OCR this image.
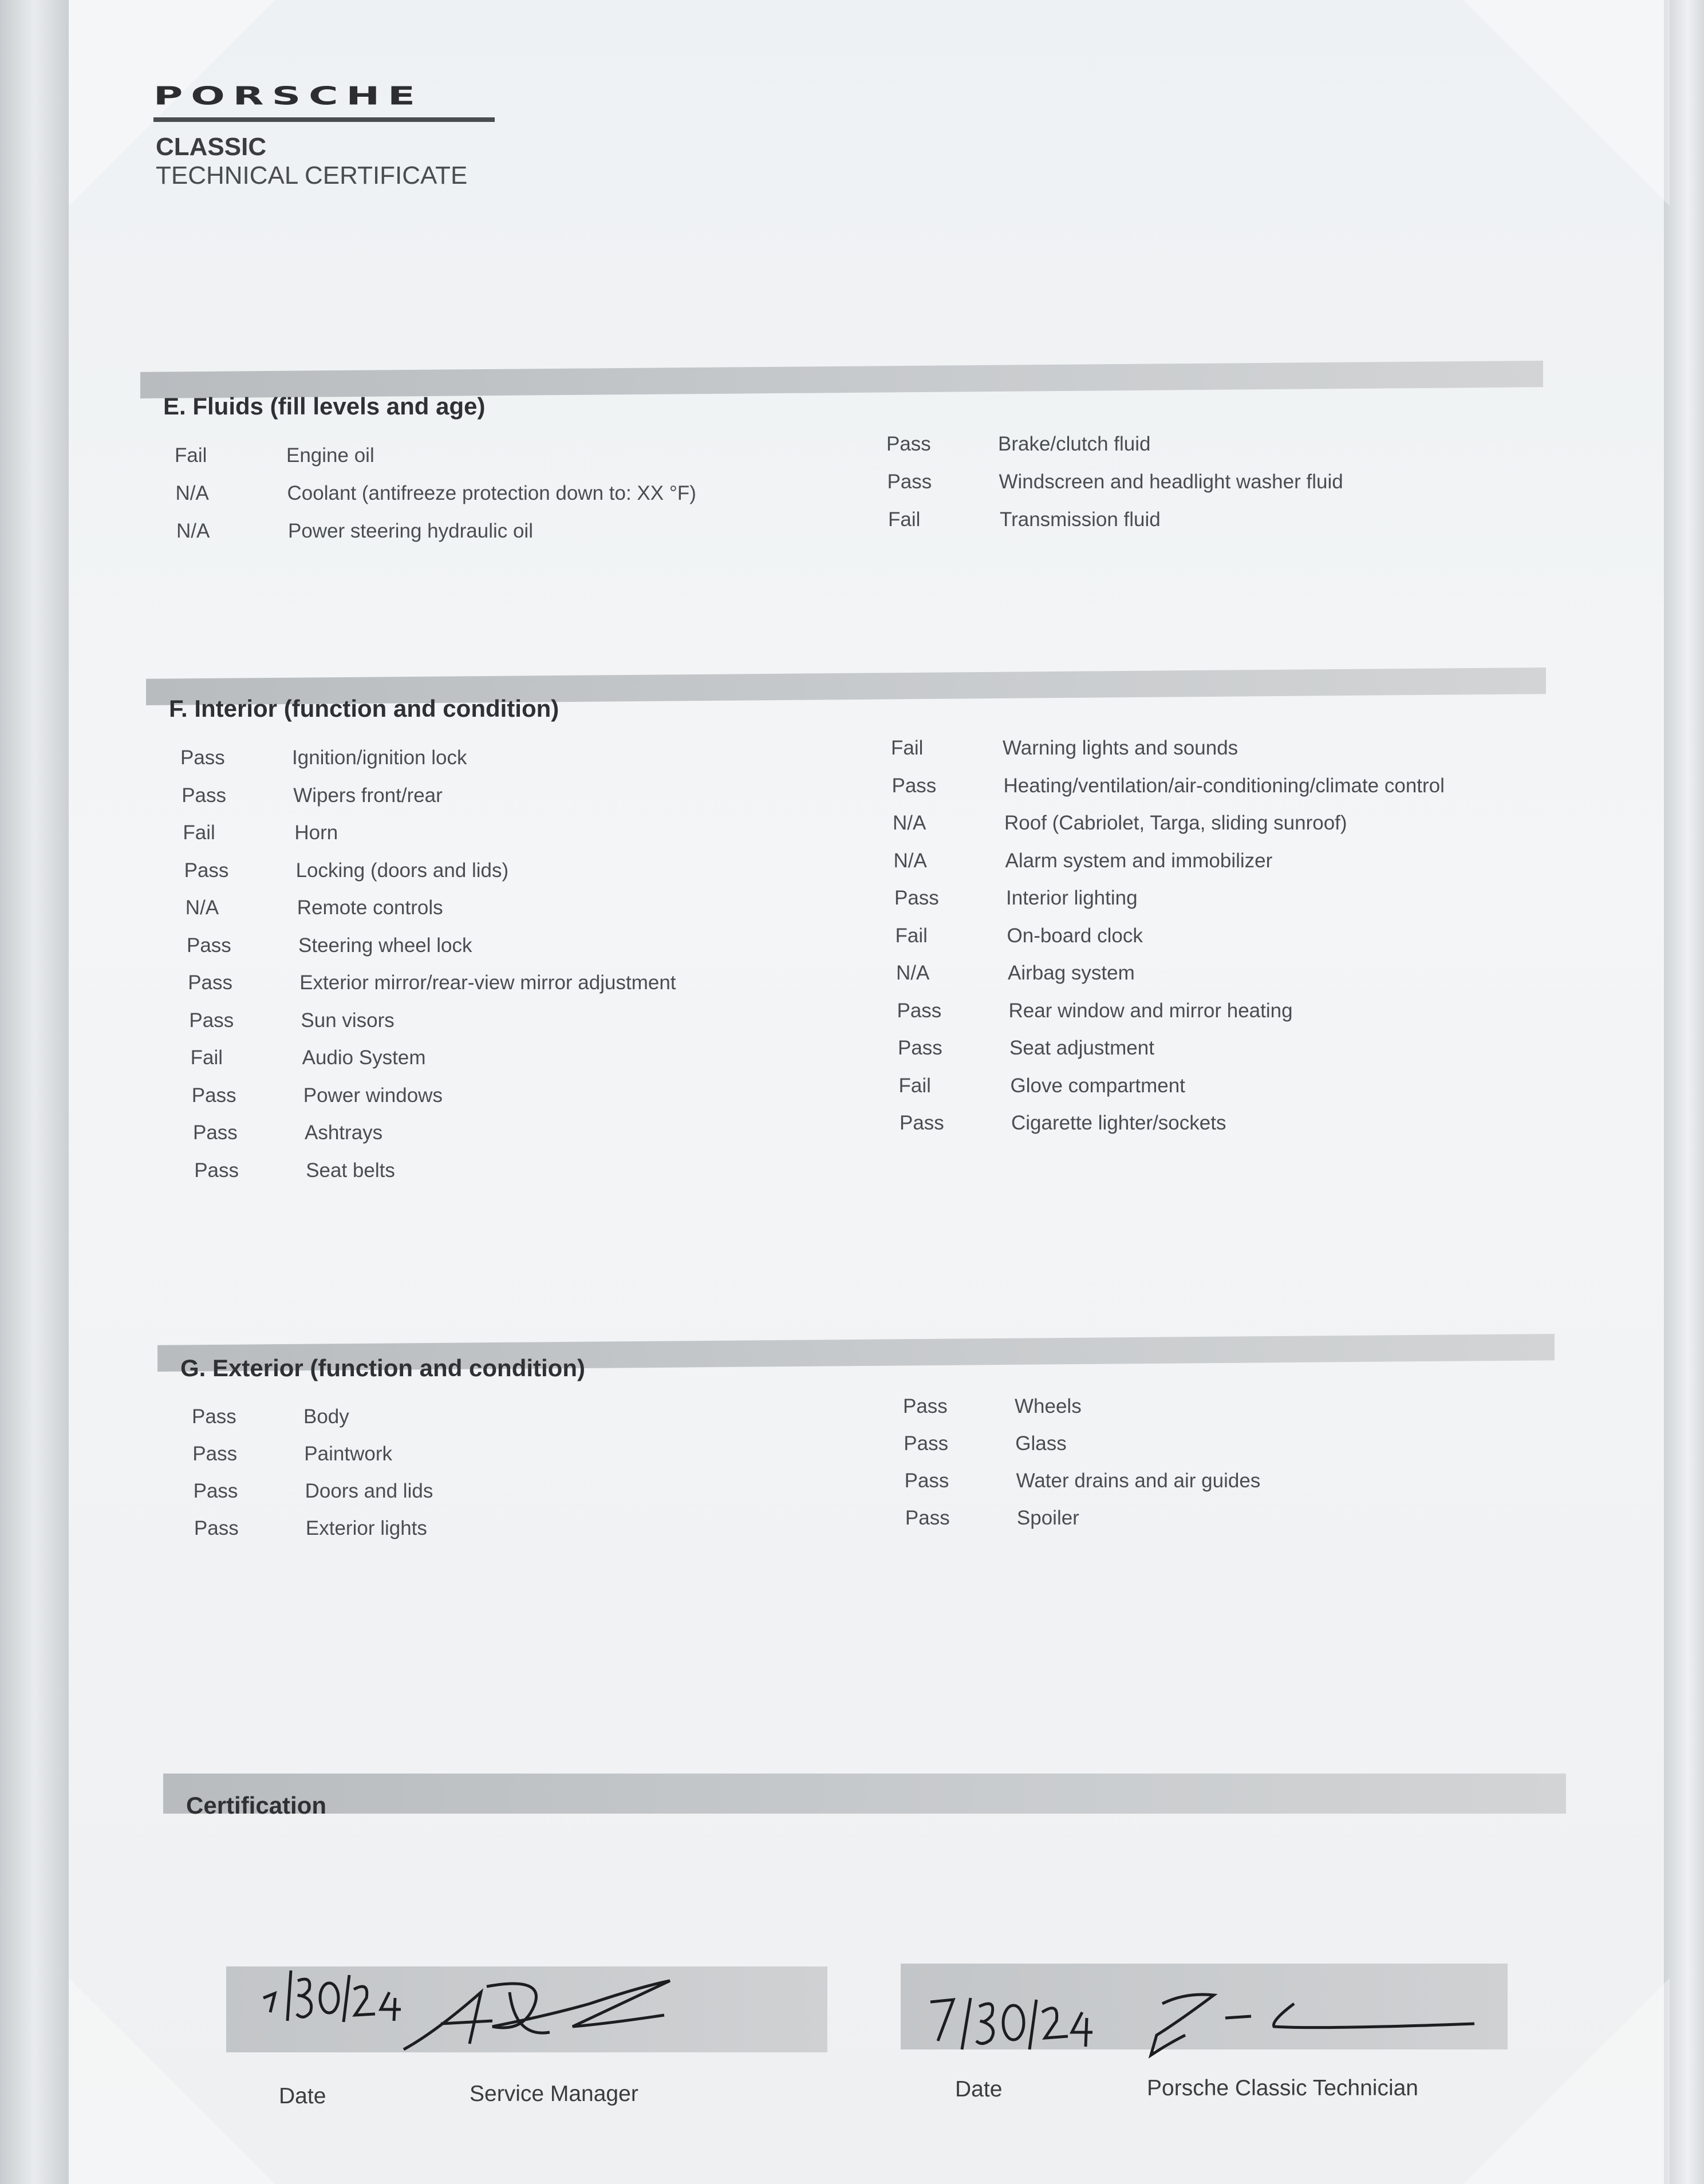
PORSCHE
CLASSIC
TECHNICAL CERTIFICATE
E. Fluids (fill levels and age)
Fail	Engine oil
N/A	Coolant (antifreeze protection down to: XX °F)
N/A	Power steering hydraulic oil
Pass	Brake/clutch fluid
Pass	Windscreen and headlight washer fluid
Fail	Transmission fluid
F. Interior (function and condition)
Pass	Ignition/ignition lock
Pass	Wipers front/rear
Fail	Horn
Pass	Locking (doors and lids)
N/A	Remote controls
Pass	Steering wheel lock
Pass	Exterior mirror/rear-view mirror adjustment
Pass	Sun visors
Fail	Audio System
Pass	Power windows
Pass	Ashtrays
Pass	Seat belts
Fail	Warning lights and sounds
Pass	Heating/ventilation/air-conditioning/climate control
N/A	Roof (Cabriolet, Targa, sliding sunroof)
N/A	Alarm system and immobilizer
Pass	Interior lighting
Fail	On-board clock
N/A	Airbag system
Pass	Rear window and mirror heating
Pass	Seat adjustment
Fail	Glove compartment
Pass	Cigarette lighter/sockets
G. Exterior (function and condition)
Pass	Body
Pass	Paintwork
Pass	Doors and lids
Pass	Exterior lights
Pass	Wheels
Pass	Glass
Pass	Water drains and air guides
Pass	Spoiler
Certification
Date	Service Manager	Date	Porsche Classic Technician
